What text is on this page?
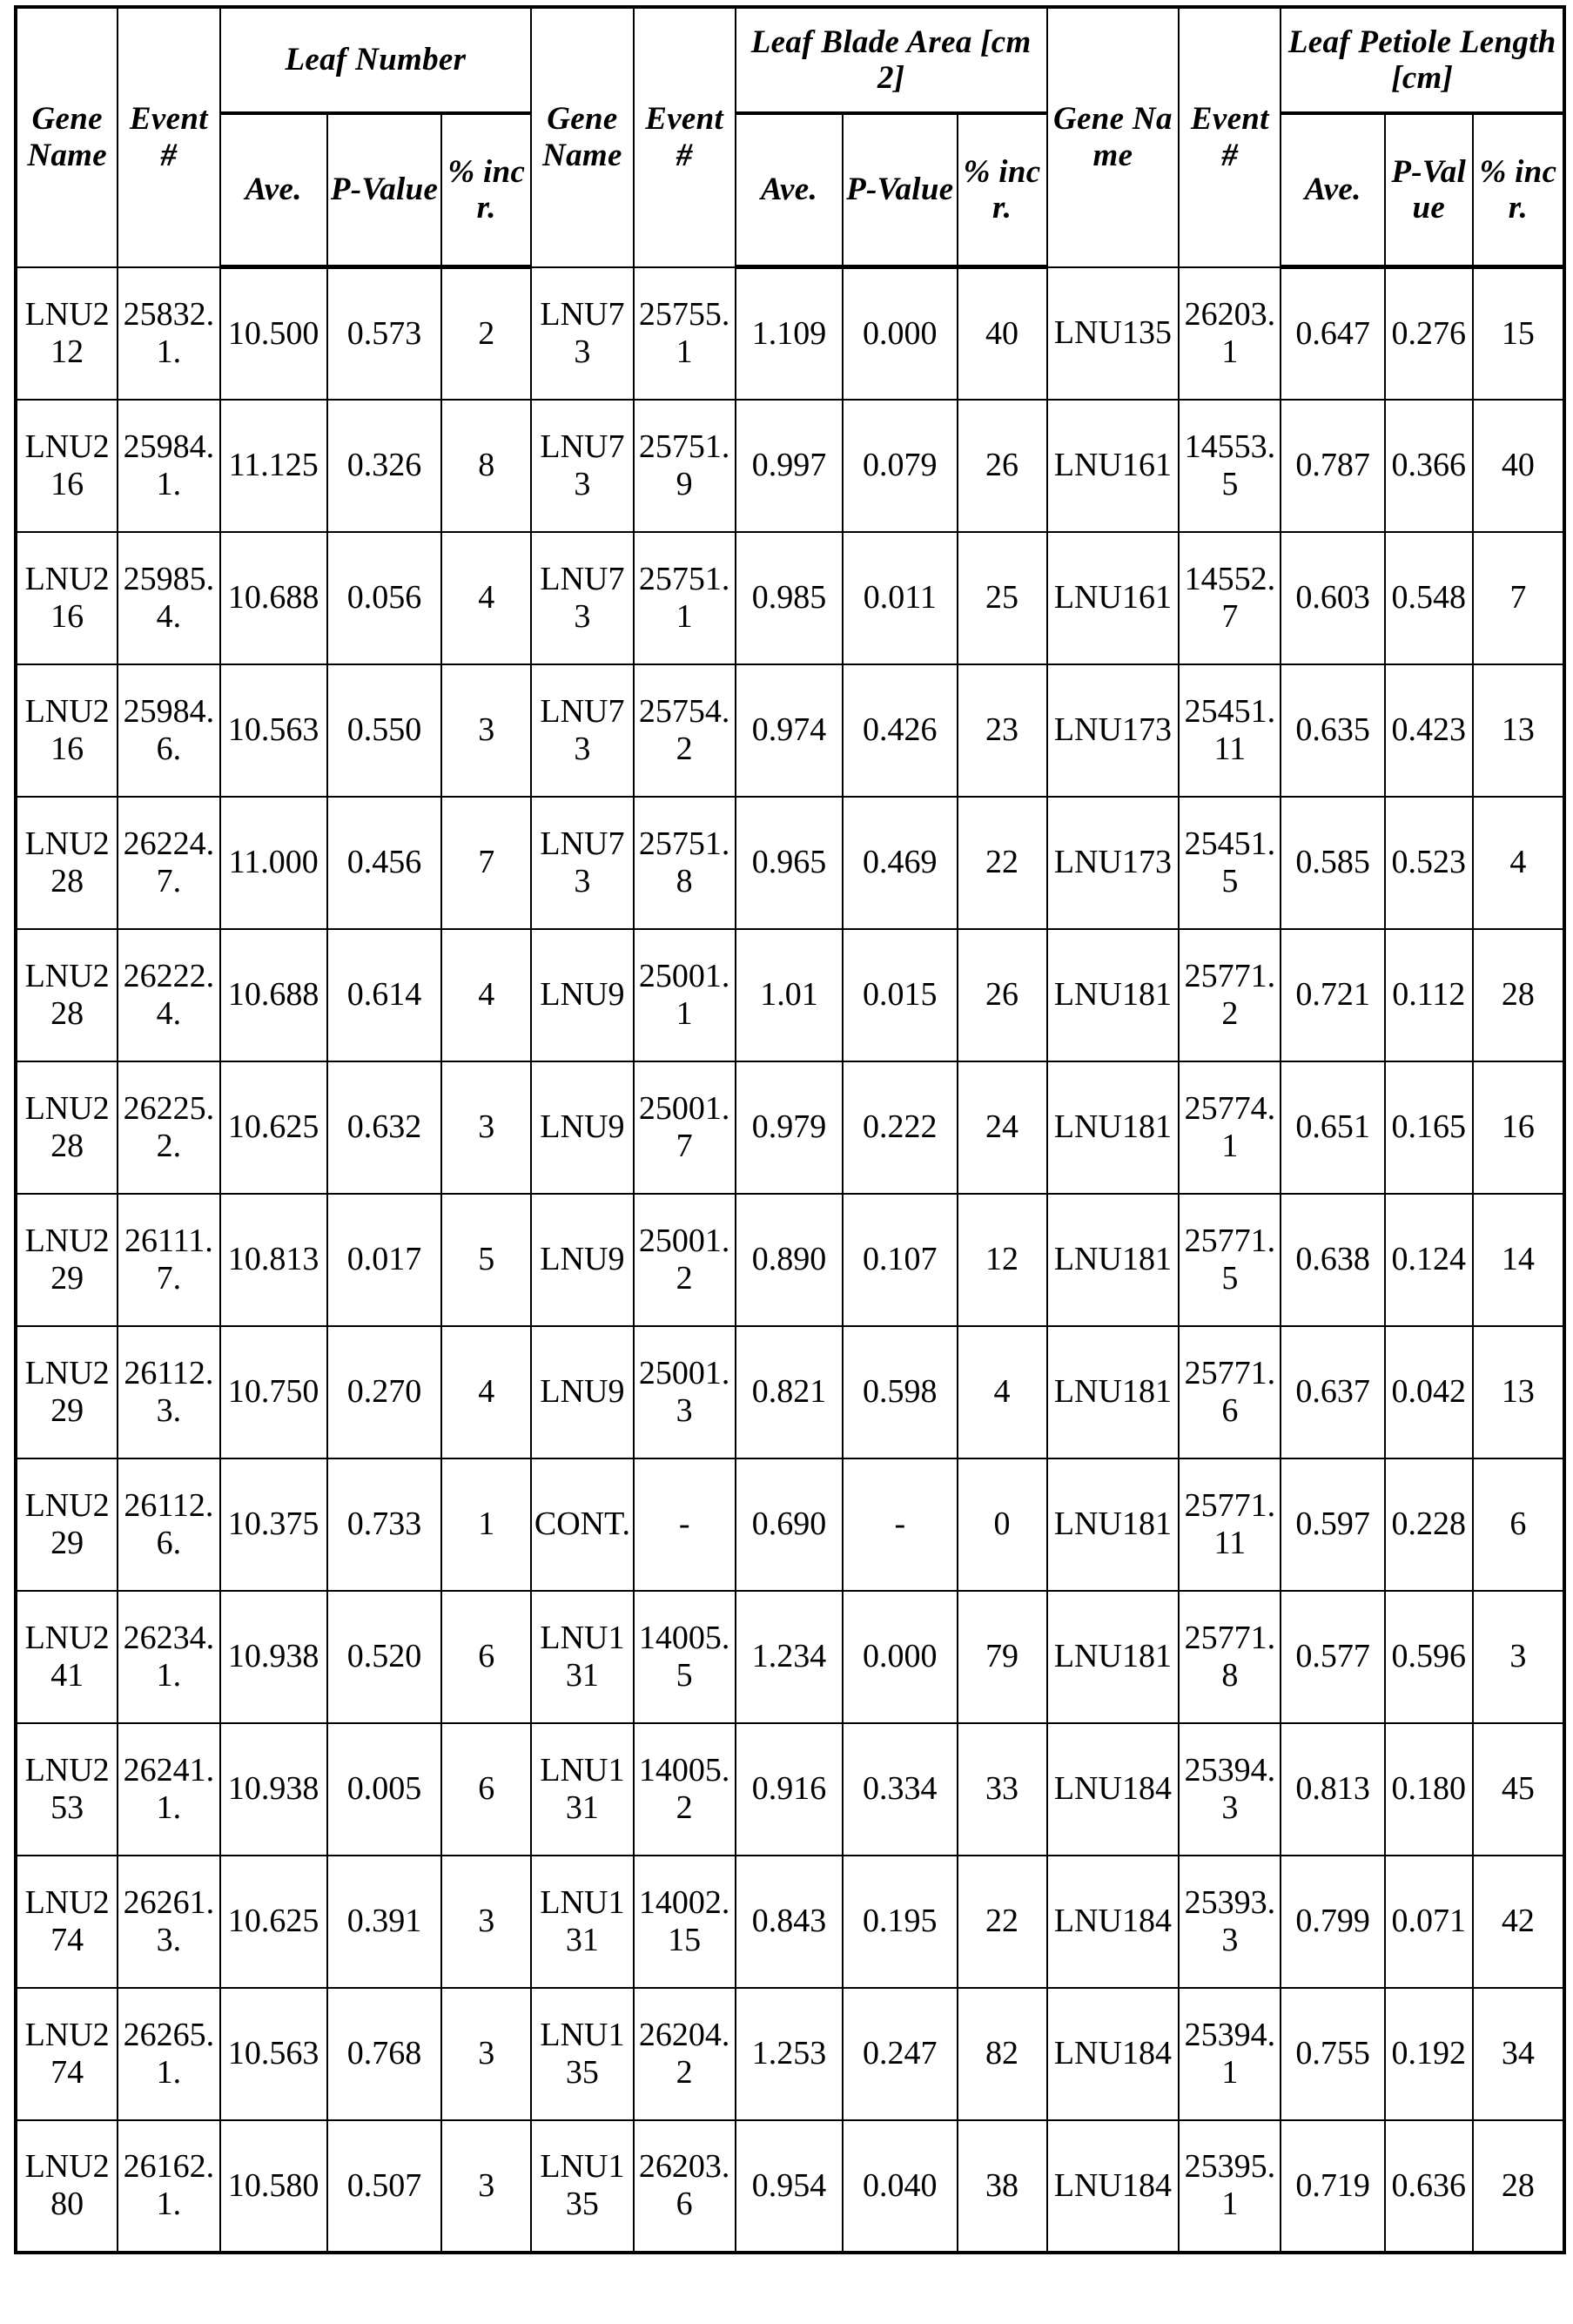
Gene Name	Event #	Leaf Number			Gene Name	Event #	Leaf Blade Area [cm2]			Gene Name	Event #	Leaf Petiole Length [cm]		
		Ave.	P-Value	% incr.			Ave.	P-Value	% incr.			Ave.	P-Value	% incr.
LNU212	25832.1.	10.500	0.573	2	LNU73	25755.1	1.109	0.000	40	LNU135	26203.1	0.647	0.276	15
LNU216	25984.1.	11.125	0.326	8	LNU73	25751.9	0.997	0.079	26	LNU161	14553.5	0.787	0.366	40
LNU216	25985.4.	10.688	0.056	4	LNU73	25751.1	0.985	0.011	25	LNU161	14552.7	0.603	0.548	7
LNU216	25984.6.	10.563	0.550	3	LNU73	25754.2	0.974	0.426	23	LNU173	25451.11	0.635	0.423	13
LNU228	26224.7.	11.000	0.456	7	LNU73	25751.8	0.965	0.469	22	LNU173	25451.5	0.585	0.523	4
LNU228	26222.4.	10.688	0.614	4	LNU9	25001.1	1.01	0.015	26	LNU181	25771.2	0.721	0.112	28
LNU228	26225.2.	10.625	0.632	3	LNU9	25001.7	0.979	0.222	24	LNU181	25774.1	0.651	0.165	16
LNU229	26111.7.	10.813	0.017	5	LNU9	25001.2	0.890	0.107	12	LNU181	25771.5	0.638	0.124	14
LNU229	26112.3.	10.750	0.270	4	LNU9	25001.3	0.821	0.598	4	LNU181	25771.6	0.637	0.042	13
LNU229	26112.6.	10.375	0.733	1	CONT.	-	0.690	-	0	LNU181	25771.11	0.597	0.228	6
LNU241	26234.1.	10.938	0.520	6	LNU131	14005.5	1.234	0.000	79	LNU181	25771.8	0.577	0.596	3
LNU253	26241.1.	10.938	0.005	6	LNU131	14005.2	0.916	0.334	33	LNU184	25394.3	0.813	0.180	45
LNU274	26261.3.	10.625	0.391	3	LNU131	14002.15	0.843	0.195	22	LNU184	25393.3	0.799	0.071	42
LNU274	26265.1.	10.563	0.768	3	LNU135	26204.2	1.253	0.247	82	LNU184	25394.1	0.755	0.192	34
LNU280	26162.1.	10.580	0.507	3	LNU135	26203.6	0.954	0.040	38	LNU184	25395.1	0.719	0.636	28
